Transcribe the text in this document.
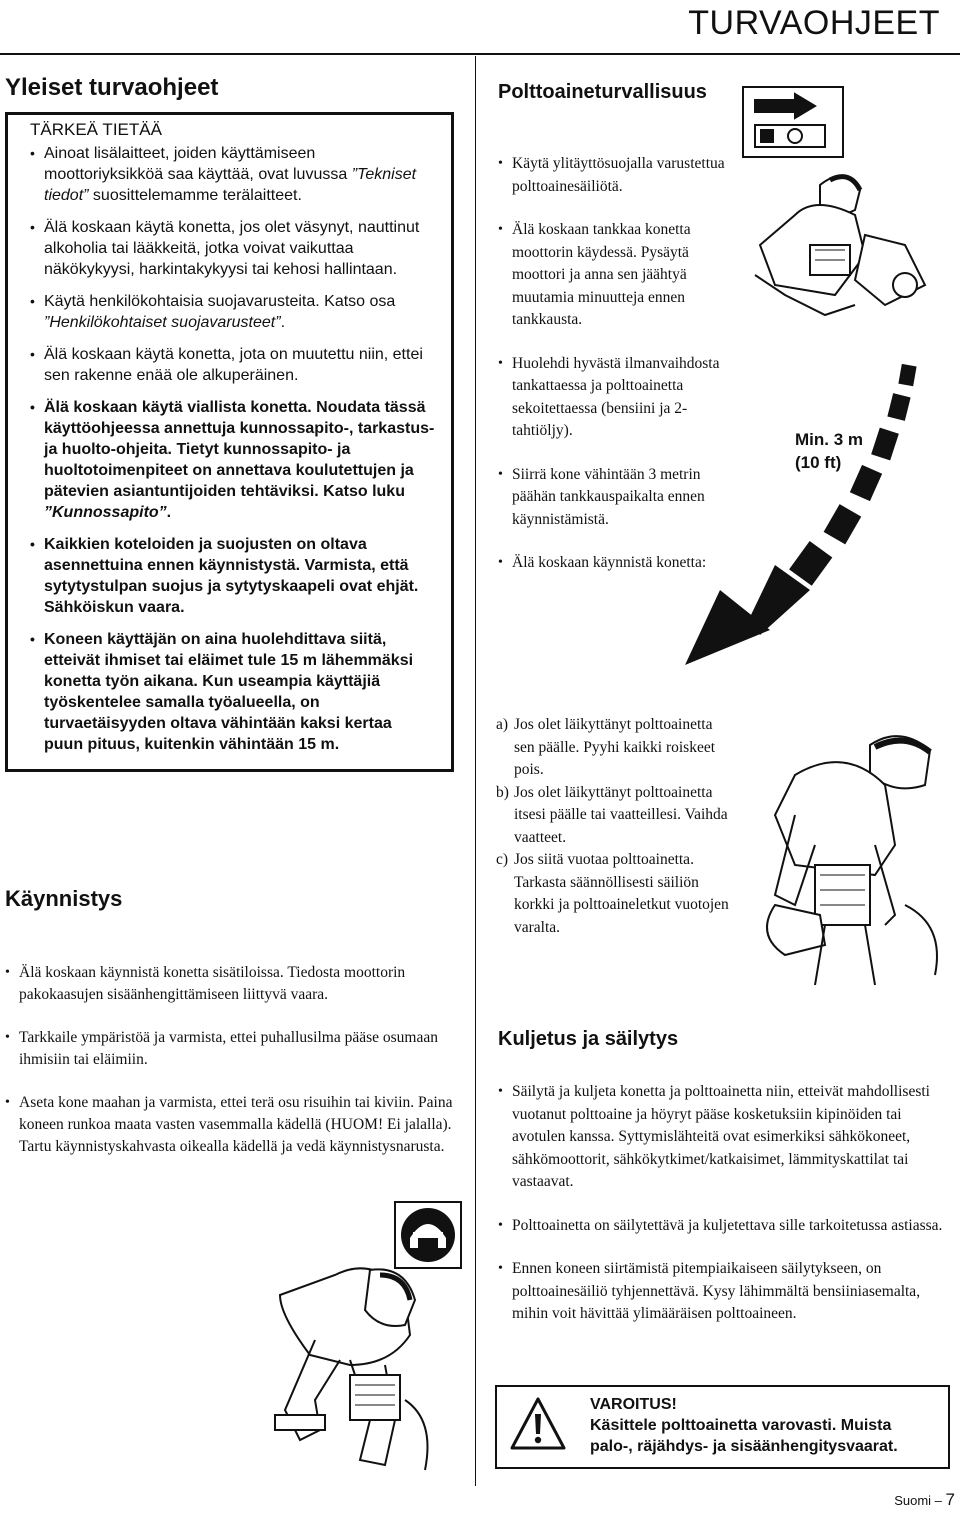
TURVAOHJEET
Yleiset turvaohjeet
TÄRKEÄ TIETÄÄ
• Ainoat lisälaitteet, joiden käyttämiseen moottoriyksikköä saa käyttää, ovat luvussa ”Tekniset tiedot” suosittelemamme terälaitteet.
• Älä koskaan käytä konetta, jos olet väsynyt, nauttinut alkoholia tai lääkkeitä, jotka voivat vaikuttaa näkökykyysi, harkintakykyysi tai kehosi hallintaan.
• Käytä henkilökohtaisia suojavarusteita. Katso osa ”Henkilökohtaiset suojavarusteet”.
• Älä koskaan käytä konetta, jota on muutettu niin, ettei sen rakenne enää ole alkuperäinen.
• Älä koskaan käytä viallista konetta. Noudata tässä käyttöohjeessa annettuja kunnossapito-, tarkastus- ja huolto-ohjeita. Tietyt kunnossapito- ja huoltotoimenpiteet on annettava koulutettujen ja pätevien asiantuntijoiden tehtäviksi. Katso luku ”Kunnossapito”.
• Kaikkien koteloiden ja suojusten on oltava asennettuina ennen käynnistystä. Varmista, että sytytystulpan suojus ja sytytyskaapeli ovat ehjät. Sähköiskun vaara.
• Koneen käyttäjän on aina huolehdittava siitä, etteivät ihmiset tai eläimet tule 15 m lähemmäksi konetta työn aikana. Kun useampia käyttäjiä työskentelee samalla työalueella, on turvaetäisyyden oltava vähintään kaksi kertaa puun pituus, kuitenkin vähintään 15 m.
Käynnistys
• Älä koskaan käynnistä konetta sisätiloissa. Tiedosta moottorin pakokaasujen sisäänhengittämiseen liittyvä vaara.
• Tarkkaile ympäristöä ja varmista, ettei puhallusilma pääse osumaan ihmisiin tai eläimiin.
• Aseta kone maahan ja varmista, ettei terä osu risuihin tai kiviin. Paina koneen runkoa maata vasten vasemmalla kädellä (HUOM! Ei jalalla). Tartu käynnistyskahvasta oikealla kädellä ja vedä käynnistysnarusta.
Polttoaineturvallisuus
• Käytä ylitäyttösuojalla varustettua polttoainesäiliötä.
• Älä koskaan tankkaa konetta moottorin käydessä. Pysäytä moottori ja anna sen jäähtyä muutamia minuutteja ennen tankkausta.
• Huolehdi hyvästä ilmanvaihdosta tankattaessa ja polttoainetta sekoitettaessa (bensiini ja 2-tahtiöljy).
• Siirrä kone vähintään 3 metrin päähän tankkauspaikalta ennen käynnistämistä.
• Älä koskaan käynnistä konetta:
a) Jos olet läikyttänyt polttoainetta sen päälle. Pyyhi kaikki roiskeet pois.
b) Jos olet läikyttänyt polttoainetta itsesi päälle tai vaatteillesi. Vaihda vaatteet.
c) Jos siitä vuotaa polttoainetta. Tarkasta säännöllisesti säiliön korkki ja polttoaineletkut vuotojen varalta.
Min. 3 m
(10 ft)
Kuljetus ja säilytys
• Säilytä ja kuljeta konetta ja polttoainetta niin, etteivät mahdollisesti vuotanut polttoaine ja höyryt pääse kosketuksiin kipinöiden tai avotulen kanssa. Syttymislähteitä ovat esimerkiksi sähkökoneet, sähkömoottorit, sähkökytkimet/katkaisimet, lämmityskattilat tai vastaavat.
• Polttoainetta on säilytettävä ja kuljetettava sille tarkoitetussa astiassa.
• Ennen koneen siirtämistä pitempiaikaiseen säilytykseen, on polttoainesäiliö tyhjennettävä. Kysy lähimmältä bensiiniasemalta, mihin voit hävittää ylimääräisen polttoaineen.
VAROITUS!
Käsittele polttoainetta varovasti. Muista
palo-, räjähdys- ja sisäänhengitysvaarat.
Suomi – 7
